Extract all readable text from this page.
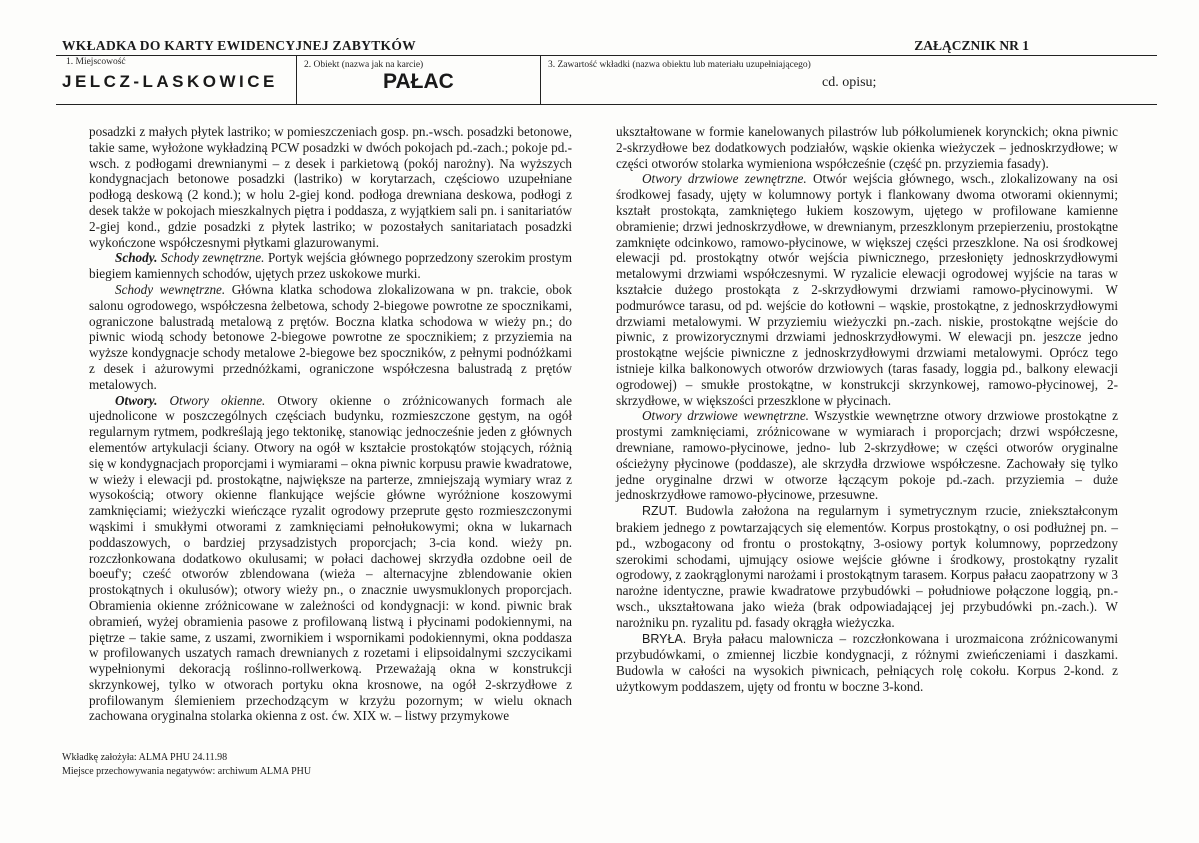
WKŁADKA DO KARTY EWIDENCYJNEJ ZABYTKÓW	ZAŁĄCZNIK NR 1
1. Miejscowość
JELCZ-LASKOWICE
2. Obiekt (nazwa jak na karcie)
PAŁAC
3. Zawartość wkładki (nazwa obiektu lub materiału uzupełniającego)
cd. opisu;

posadzki z małych płytek lastriko; w pomieszczeniach gosp. pn.-wsch. posadzki betonowe, takie same, wyłożone wykładziną PCW posadzki w dwóch pokojach pd.-zach.; pokoje pd.-wsch. z podłogami drewnianymi – z desek i parkietową (pokój narożny). Na wyższych kondygnacjach betonowe posadzki (lastriko) w korytarzach, częściowo uzupełniane podłogą deskową (2 kond.); w holu 2-giej kond. podłoga drewniana deskowa, podłogi z desek także w pokojach mieszkalnych piętra i poddasza, z wyjątkiem sali pn. i sanitariatów 2-giej kond., gdzie posadzki z płytek lastriko; w pozostałych sanitariatach posadzki wykończone współczesnymi płytkami glazurowanymi.

Schody. Schody zewnętrzne. Portyk wejścia głównego poprzedzony szerokim prostym biegiem kamiennych schodów, ujętych przez uskokowe murki.

Schody wewnętrzne. Główna klatka schodowa zlokalizowana w pn. trakcie, obok salonu ogrodowego, współczesna żelbetowa, schody 2-biegowe powrotne ze spocznikami, ograniczone balustradą metalową z prętów. Boczna klatka schodowa w wieży pn.; do piwnic wiodą schody betonowe 2-biegowe powrotne ze spocznikiem; z przyziemia na wyższe kondygnacje schody metalowe 2-biegowe bez spoczników, z pełnymi podnóżkami z desek i ażurowymi przednóżkami, ograniczone współczesna balustradą z prętów metalowych.

Otwory. Otwory okienne. Otwory okienne o zróżnicowanych formach ale ujednolicone w poszczególnych częściach budynku, rozmieszczone gęstym, na ogół regularnym rytmem, podkreślają jego tektonikę, stanowiąc jednocześnie jeden z głównych elementów artykulacji ściany. Otwory na ogół w kształcie prostokątów stojących, różnią się w kondygnacjach proporcjami i wymiarami – okna piwnic korpusu prawie kwadratowe, w wieży i elewacji pd. prostokątne, największe na parterze, zmniejszają wymiary wraz z wysokością; otwory okienne flankujące wejście główne wyróżnione koszowymi zamknięciami; wieżyczki wieńczące ryzalit ogrodowy przeprute gęsto rozmieszczonymi wąskimi i smukłymi otworami z zamknięciami pełnołukowymi; okna w lukarnach poddaszowych, o bardziej przysadzistych proporcjach; 3-cia kond. wieży pn. rozczłonkowana dodatkowo okulusami; w połaci dachowej skrzydła ozdobne oeil de boeuf'y; cześć otworów zblendowana (wieża – alternacyjne zblendowanie okien prostokątnych i okulusów); otwory wieży pn., o znacznie uwysmuklonych proporcjach. Obramienia okienne zróżnicowane w zależności od kondygnacji: w kond. piwnic brak obramień, wyżej obramienia pasowe z profilowaną listwą i płycinami podokiennymi, na piętrze – takie same, z uszami, zwornikiem i wspornikami podokiennymi, okna poddasza w profilowanych uszatych ramach drewnianych z rozetami i elipsoidalnymi szczycikami wypełnionymi dekoracją roślinno-rollwerkową. Przeważają okna w konstrukcji skrzynkowej, tylko w otworach portyku okna krosnowe, na ogół 2-skrzydłowe z profilowanym ślemieniem przechodzącym w krzyżu pozornym; w wielu oknach zachowana oryginalna stolarka okienna z ost. ćw. XIX w. – listwy przymykowe

ukształtowane w formie kanelowanych pilastrów lub półkolumienek korynckich; okna piwnic 2-skrzydłowe bez dodatkowych podziałów, wąskie okienka wieżyczek – jednoskrzydłowe; w części otworów stolarka wymieniona współcześnie (część pn. przyziemia fasady).

Otwory drzwiowe zewnętrzne. Otwór wejścia głównego, wsch., zlokalizowany na osi środkowej fasady, ujęty w kolumnowy portyk i flankowany dwoma otworami okiennymi; kształt prostokąta, zamkniętego łukiem koszowym, ujętego w profilowane kamienne obramienie; drzwi jednoskrzydłowe, w drewnianym, przeszklonym przepierzeniu, prostokątne zamknięte odcinkowo, ramowo-płycinowe, w większej części przeszklone. Na osi środkowej elewacji pd. prostokątny otwór wejścia piwnicznego, przesłonięty jednoskrzydłowymi metalowymi drzwiami współczesnymi. W ryzalicie elewacji ogrodowej wyjście na taras w kształcie dużego prostokąta z 2-skrzydłowymi drzwiami ramowo-płycinowymi. W podmurówce tarasu, od pd. wejście do kotłowni – wąskie, prostokątne, z jednoskrzydłowymi drzwiami metalowymi. W przyziemiu wieżyczki pn.-zach. niskie, prostokątne wejście do piwnic, z prowizorycznymi drzwiami jednoskrzydłowymi. W elewacji pn. jeszcze jedno prostokątne wejście piwniczne z jednoskrzydłowymi drzwiami metalowymi. Oprócz tego istnieje kilka balkonowych otworów drzwiowych (taras fasady, loggia pd., balkony elewacji ogrodowej) – smukłe prostokątne, w konstrukcji skrzynkowej, ramowo-płycinowej, 2-skrzydłowe, w większości przeszklone w płycinach.

Otwory drzwiowe wewnętrzne. Wszystkie wewnętrzne otwory drzwiowe prostokątne z prostymi zamknięciami, zróżnicowane w wymiarach i proporcjach; drzwi współczesne, drewniane, ramowo-płycinowe, jedno- lub 2-skrzydłowe; w części otworów oryginalne ościeżyny płycinowe (poddasze), ale skrzydła drzwiowe współczesne. Zachowały się tylko jedne oryginalne drzwi w otworze łączącym pokoje pd.-zach. przyziemia – duże jednoskrzydłowe ramowo-płycinowe, przesuwne.

RZUT. Budowla założona na regularnym i symetrycznym rzucie, zniekształconym brakiem jednego z powtarzających się elementów. Korpus prostokątny, o osi podłużnej pn. – pd., wzbogacony od frontu o prostokątny, 3-osiowy portyk kolumnowy, poprzedzony szerokimi schodami, ujmujący osiowe wejście główne i środkowy, prostokątny ryzalit ogrodowy, z zaokrąglonymi narożami i prostokątnym tarasem. Korpus pałacu zaopatrzony w 3 narożne identyczne, prawie kwadratowe przybudówki – południowe połączone loggią, pn.-wsch., ukształtowana jako wieża (brak odpowiadającej jej przybudówki pn.-zach.). W narożniku pn. ryzalitu pd. fasady okrągła wieżyczka.

BRYŁA. Bryła pałacu malownicza – rozczłonkowana i urozmaicona zróżnicowanymi przybudówkami, o zmiennej liczbie kondygnacji, z różnymi zwieńczeniami i daszkami. Budowla w całości na wysokich piwnicach, pełniących rolę cokołu. Korpus 2-kond. z użytkowym poddaszem, ujęty od frontu w boczne 3-kond.

Wkładkę założyła: ALMA PHU 24.11.98
Miejsce przechowywania negatywów: archiwum ALMA PHU
